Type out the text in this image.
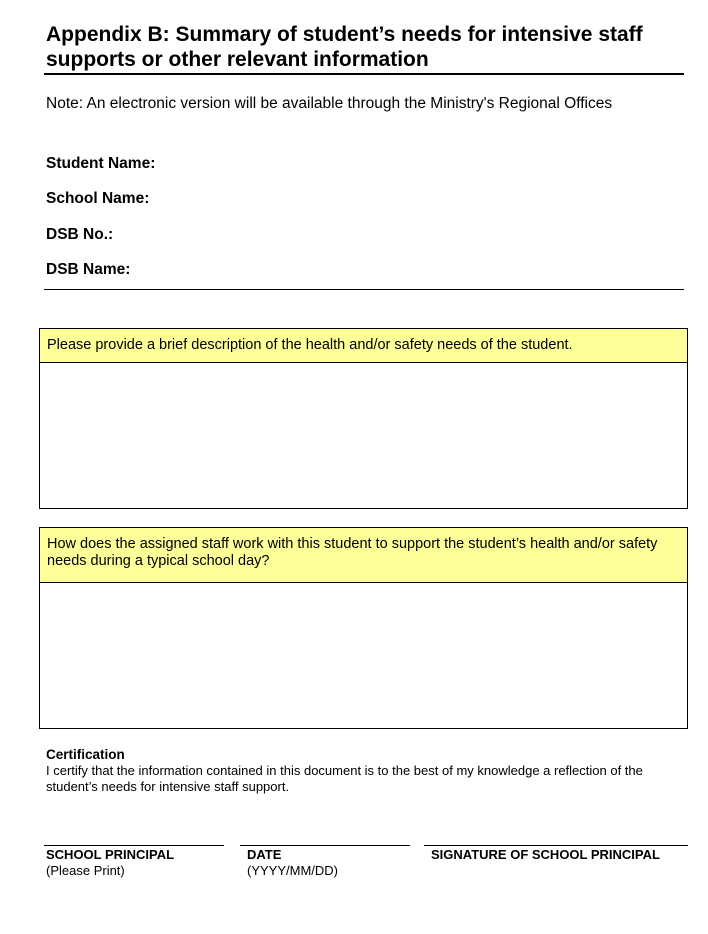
Appendix B: Summary of student’s needs for intensive staff supports or other relevant information
Note: An electronic version will be available through the Ministry's Regional Offices
Student Name:
School Name:
DSB No.:
DSB Name:
Please provide a brief description of the health and/or safety needs of the student.
How does the assigned staff work with this student to support the student’s health and/or safety needs during a typical school day?
Certification
I certify that the information contained in this document is to the best of my knowledge a reflection of the student’s needs for intensive staff support.
SCHOOL PRINCIPAL
(Please Print)
DATE
(YYYY/MM/DD)
SIGNATURE OF SCHOOL PRINCIPAL
